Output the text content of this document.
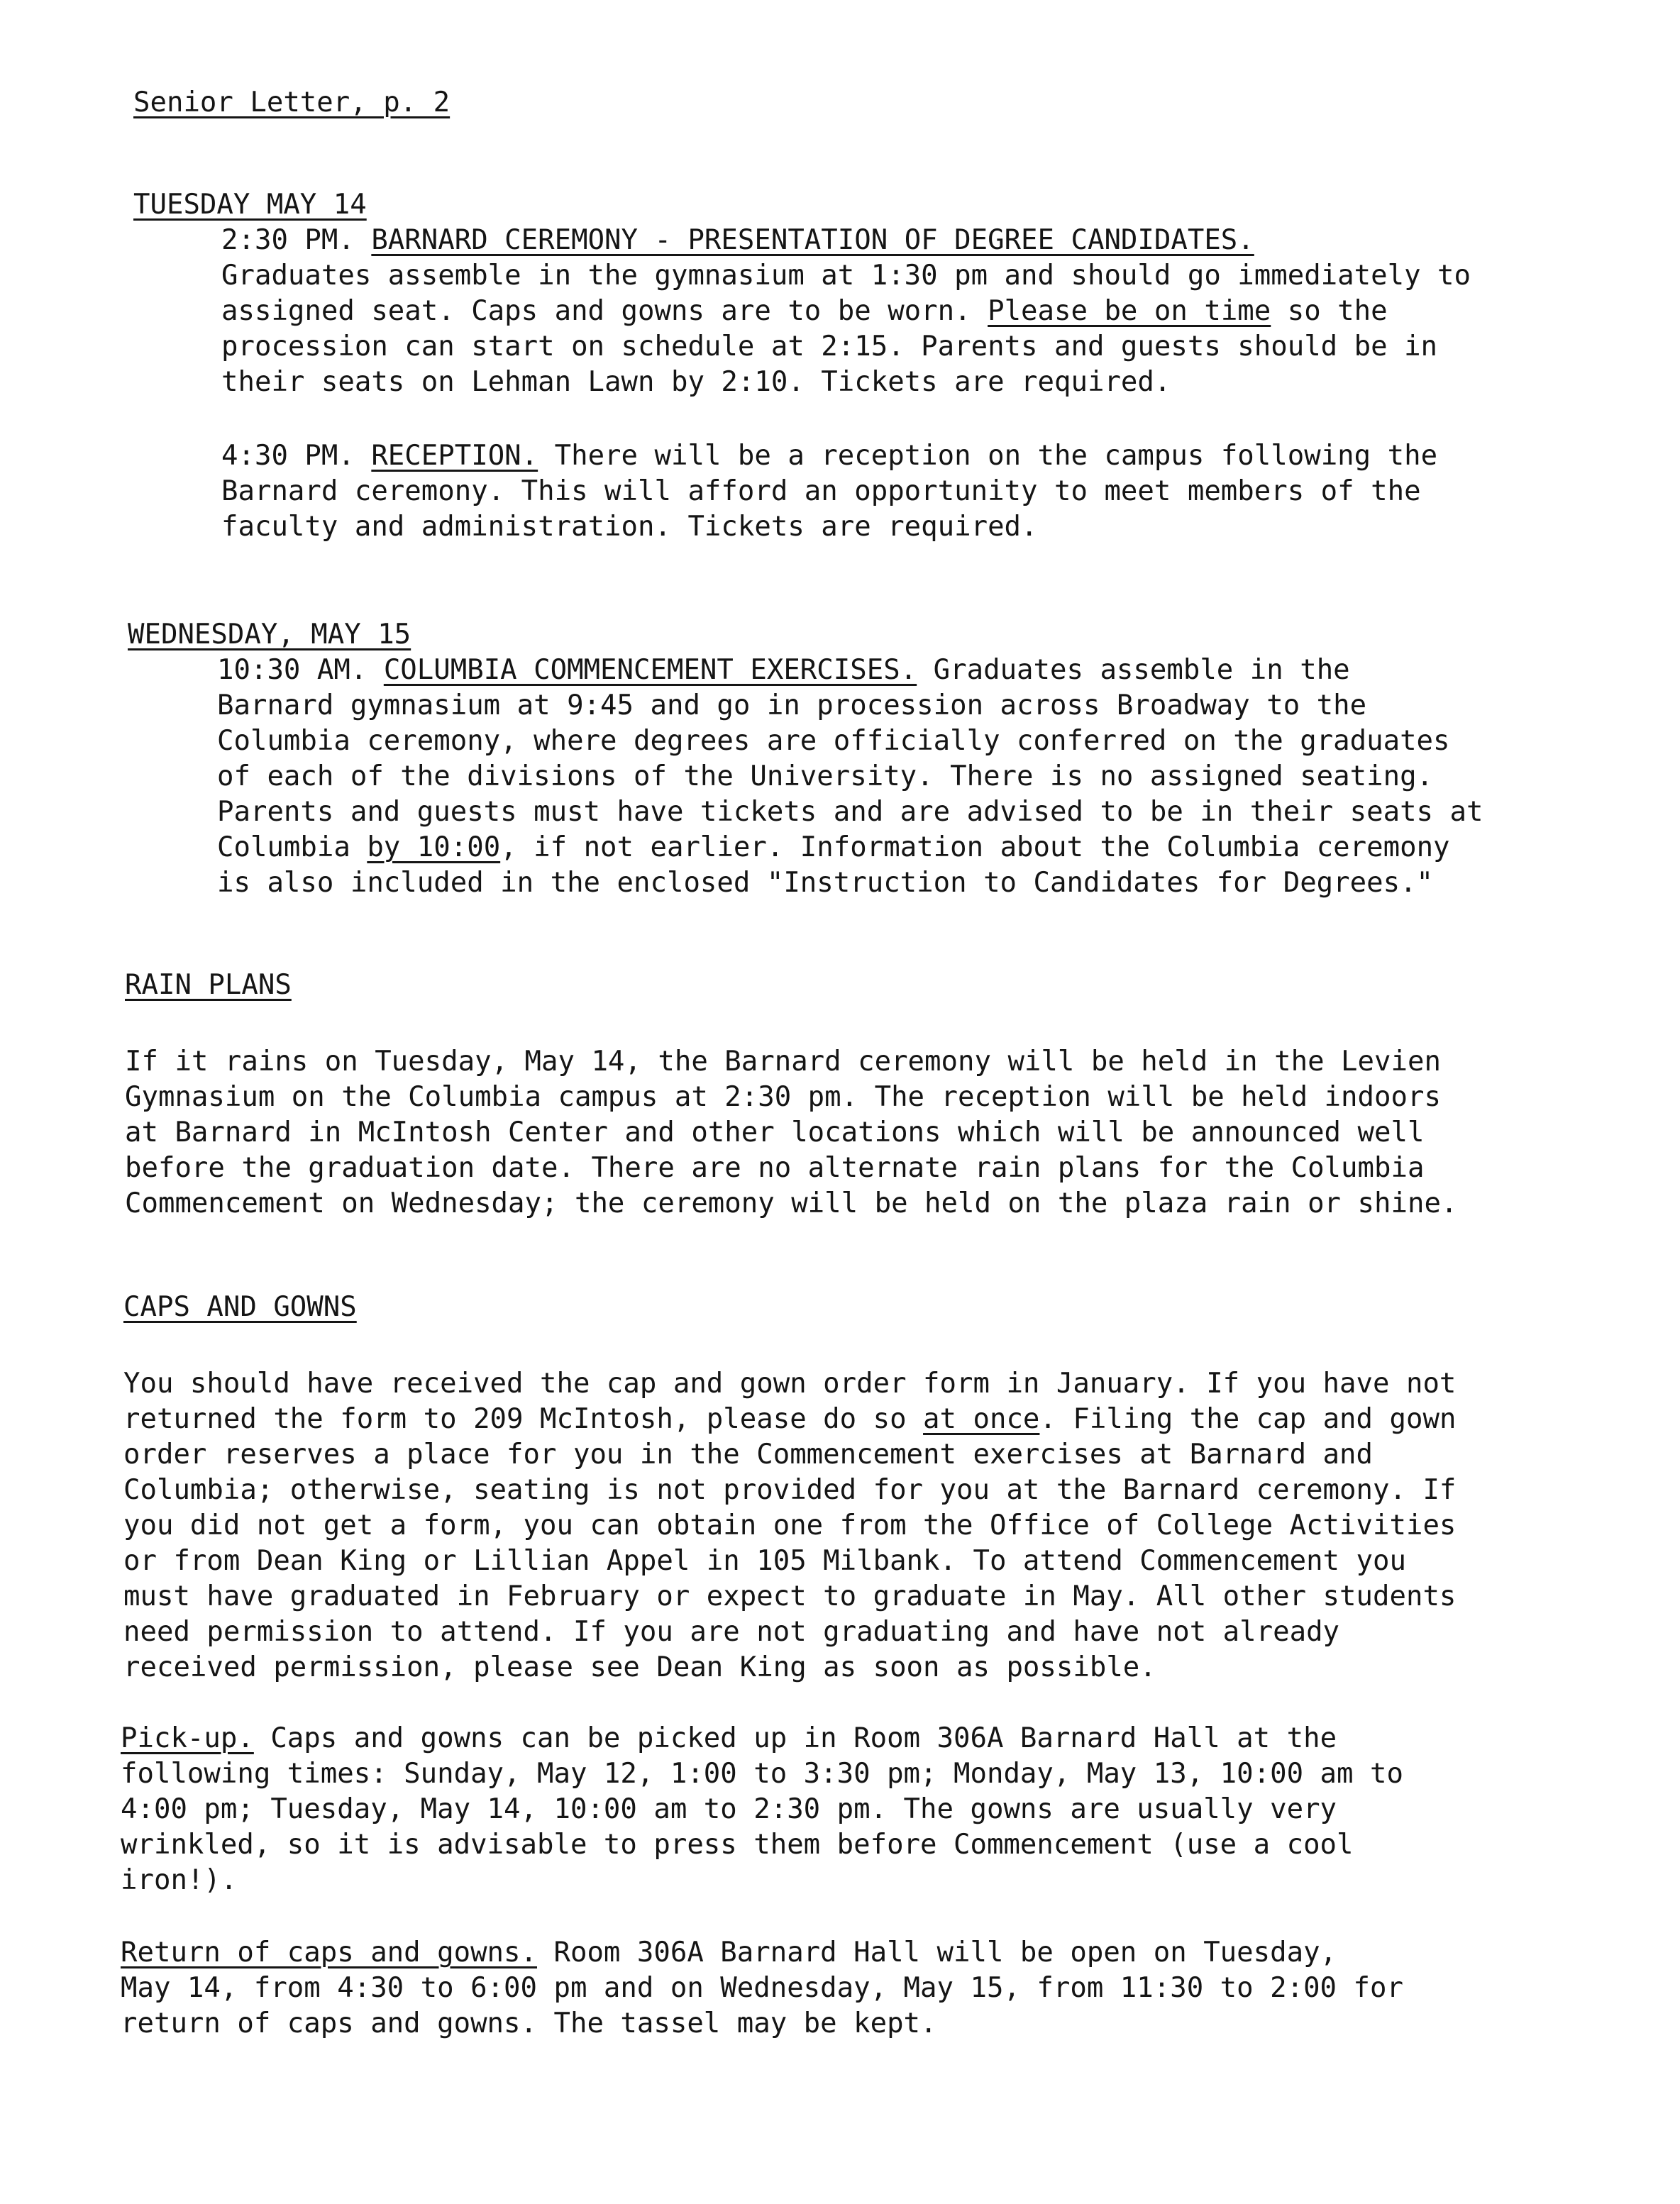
Senior Letter, p. 2
TUESDAY MAY 14
2:30 PM. BARNARD CEREMONY - PRESENTATION OF DEGREE CANDIDATES.
Graduates assemble in the gymnasium at 1:30 pm and should go immediately to
assigned seat. Caps and gowns are to be worn. Please be on time so the
procession can start on schedule at 2:15. Parents and guests should be in
their seats on Lehman Lawn by 2:10. Tickets are required.
4:30 PM. RECEPTION. There will be a reception on the campus following the
Barnard ceremony. This will afford an opportunity to meet members of the
faculty and administration. Tickets are required.
WEDNESDAY, MAY 15
10:30 AM. COLUMBIA COMMENCEMENT EXERCISES. Graduates assemble in the
Barnard gymnasium at 9:45 and go in procession across Broadway to the
Columbia ceremony, where degrees are officially conferred on the graduates
of each of the divisions of the University. There is no assigned seating.
Parents and guests must have tickets and are advised to be in their seats at
Columbia by 10:00, if not earlier. Information about the Columbia ceremony
is also included in the enclosed "Instruction to Candidates for Degrees."
RAIN PLANS
If it rains on Tuesday, May 14, the Barnard ceremony will be held in the Levien
Gymnasium on the Columbia campus at 2:30 pm. The reception will be held indoors
at Barnard in McIntosh Center and other locations which will be announced well
before the graduation date. There are no alternate rain plans for the Columbia
Commencement on Wednesday; the ceremony will be held on the plaza rain or shine.
CAPS AND GOWNS
You should have received the cap and gown order form in January. If you have not
returned the form to 209 McIntosh, please do so at once. Filing the cap and gown
order reserves a place for you in the Commencement exercises at Barnard and
Columbia; otherwise, seating is not provided for you at the Barnard ceremony. If
you did not get a form, you can obtain one from the Office of College Activities
or from Dean King or Lillian Appel in 105 Milbank. To attend Commencement you
must have graduated in February or expect to graduate in May. All other students
need permission to attend. If you are not graduating and have not already
received permission, please see Dean King as soon as possible.
Pick-up. Caps and gowns can be picked up in Room 306A Barnard Hall at the
following times: Sunday, May 12, 1:00 to 3:30 pm; Monday, May 13, 10:00 am to
4:00 pm; Tuesday, May 14, 10:00 am to 2:30 pm. The gowns are usually very
wrinkled, so it is advisable to press them before Commencement (use a cool
iron!).
Return of caps and gowns. Room 306A Barnard Hall will be open on Tuesday,
May 14, from 4:30 to 6:00 pm and on Wednesday, May 15, from 11:30 to 2:00 for
return of caps and gowns. The tassel may be kept.
